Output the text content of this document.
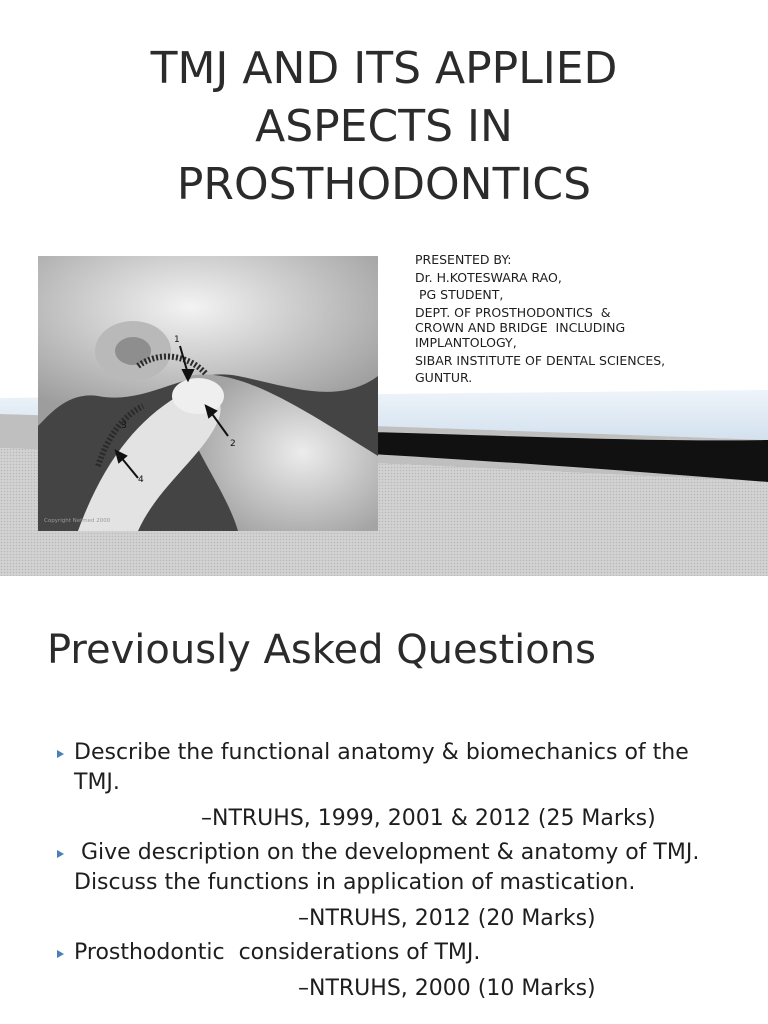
TMJ AND ITS APPLIED
ASPECTS IN
PROSTHODONTICS
1
2
3
4
Copyright Netmed 2000
PRESENTED BY:
Dr. H.KOTESWARA RAO,
PG STUDENT,
DEPT. OF PROSTHODONTICS  &
CROWN AND BRIDGE  INCLUDING
IMPLANTOLOGY,
SIBAR INSTITUTE OF DENTAL SCIENCES,
GUNTUR.
Previously Asked Questions
Describe the functional anatomy & biomechanics of the TMJ.
–NTRUHS, 1999, 2001 & 2012 (25 Marks)
Give description on the development & anatomy of TMJ. Discuss the functions in application of mastication.
–NTRUHS, 2012 (20 Marks)
Prosthodontic  considerations of TMJ.
–NTRUHS, 2000 (10 Marks)
